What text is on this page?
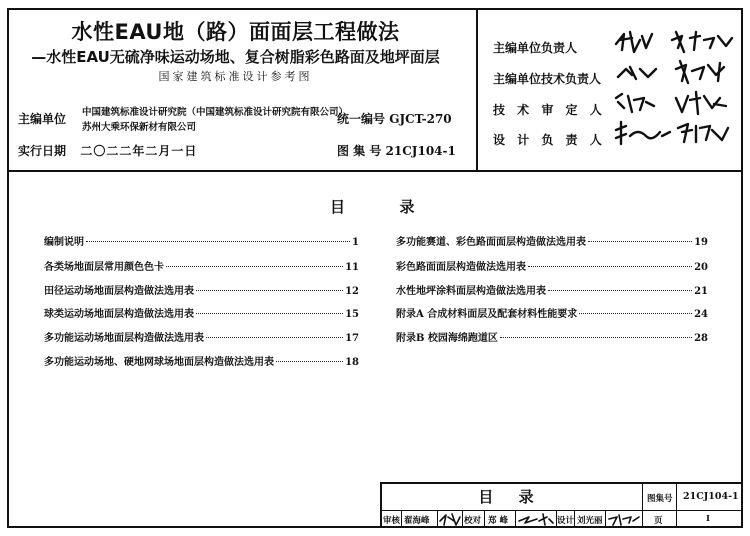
水性EAU地（路）面面层工程做法
—水性EAU无硫净味运动场地、复合树脂彩色路面及地坪面层
国家建筑标准设计参考图
主编单位 中国建筑标准设计研究院（中国建筑标准设计研究院有限公司）
苏州大乘环保新材有限公司
实行日期 二〇二二年二月一日
统一编号 GJCT-270
图 集 号 21CJ104-1
主编单位负责人
主编单位技术负责人
技 术 审 定 人
设 计 负 责 人
目	录
编制说明	1
各类场地面层常用颜色色卡	11
田径运动场地面层构造做法选用表	12
球类运动场地面层构造做法选用表	15
多功能运动场地面层构造做法选用表	17
多功能运动场地、硬地网球场地面层构造做法选用表	18
多功能赛道、彩色路面面层构造做法选用表	19
彩色路面面层构造做法选用表	20
水性地坪涂料面层构造做法选用表	21
附录A 合成材料面层及配套材料性能要求	24
附录B 校园海绵跑道区	28
目 录	图集号 21CJ104-1
审核 翟海峰	校对 郑 峰	设计 刘光丽	页	I
